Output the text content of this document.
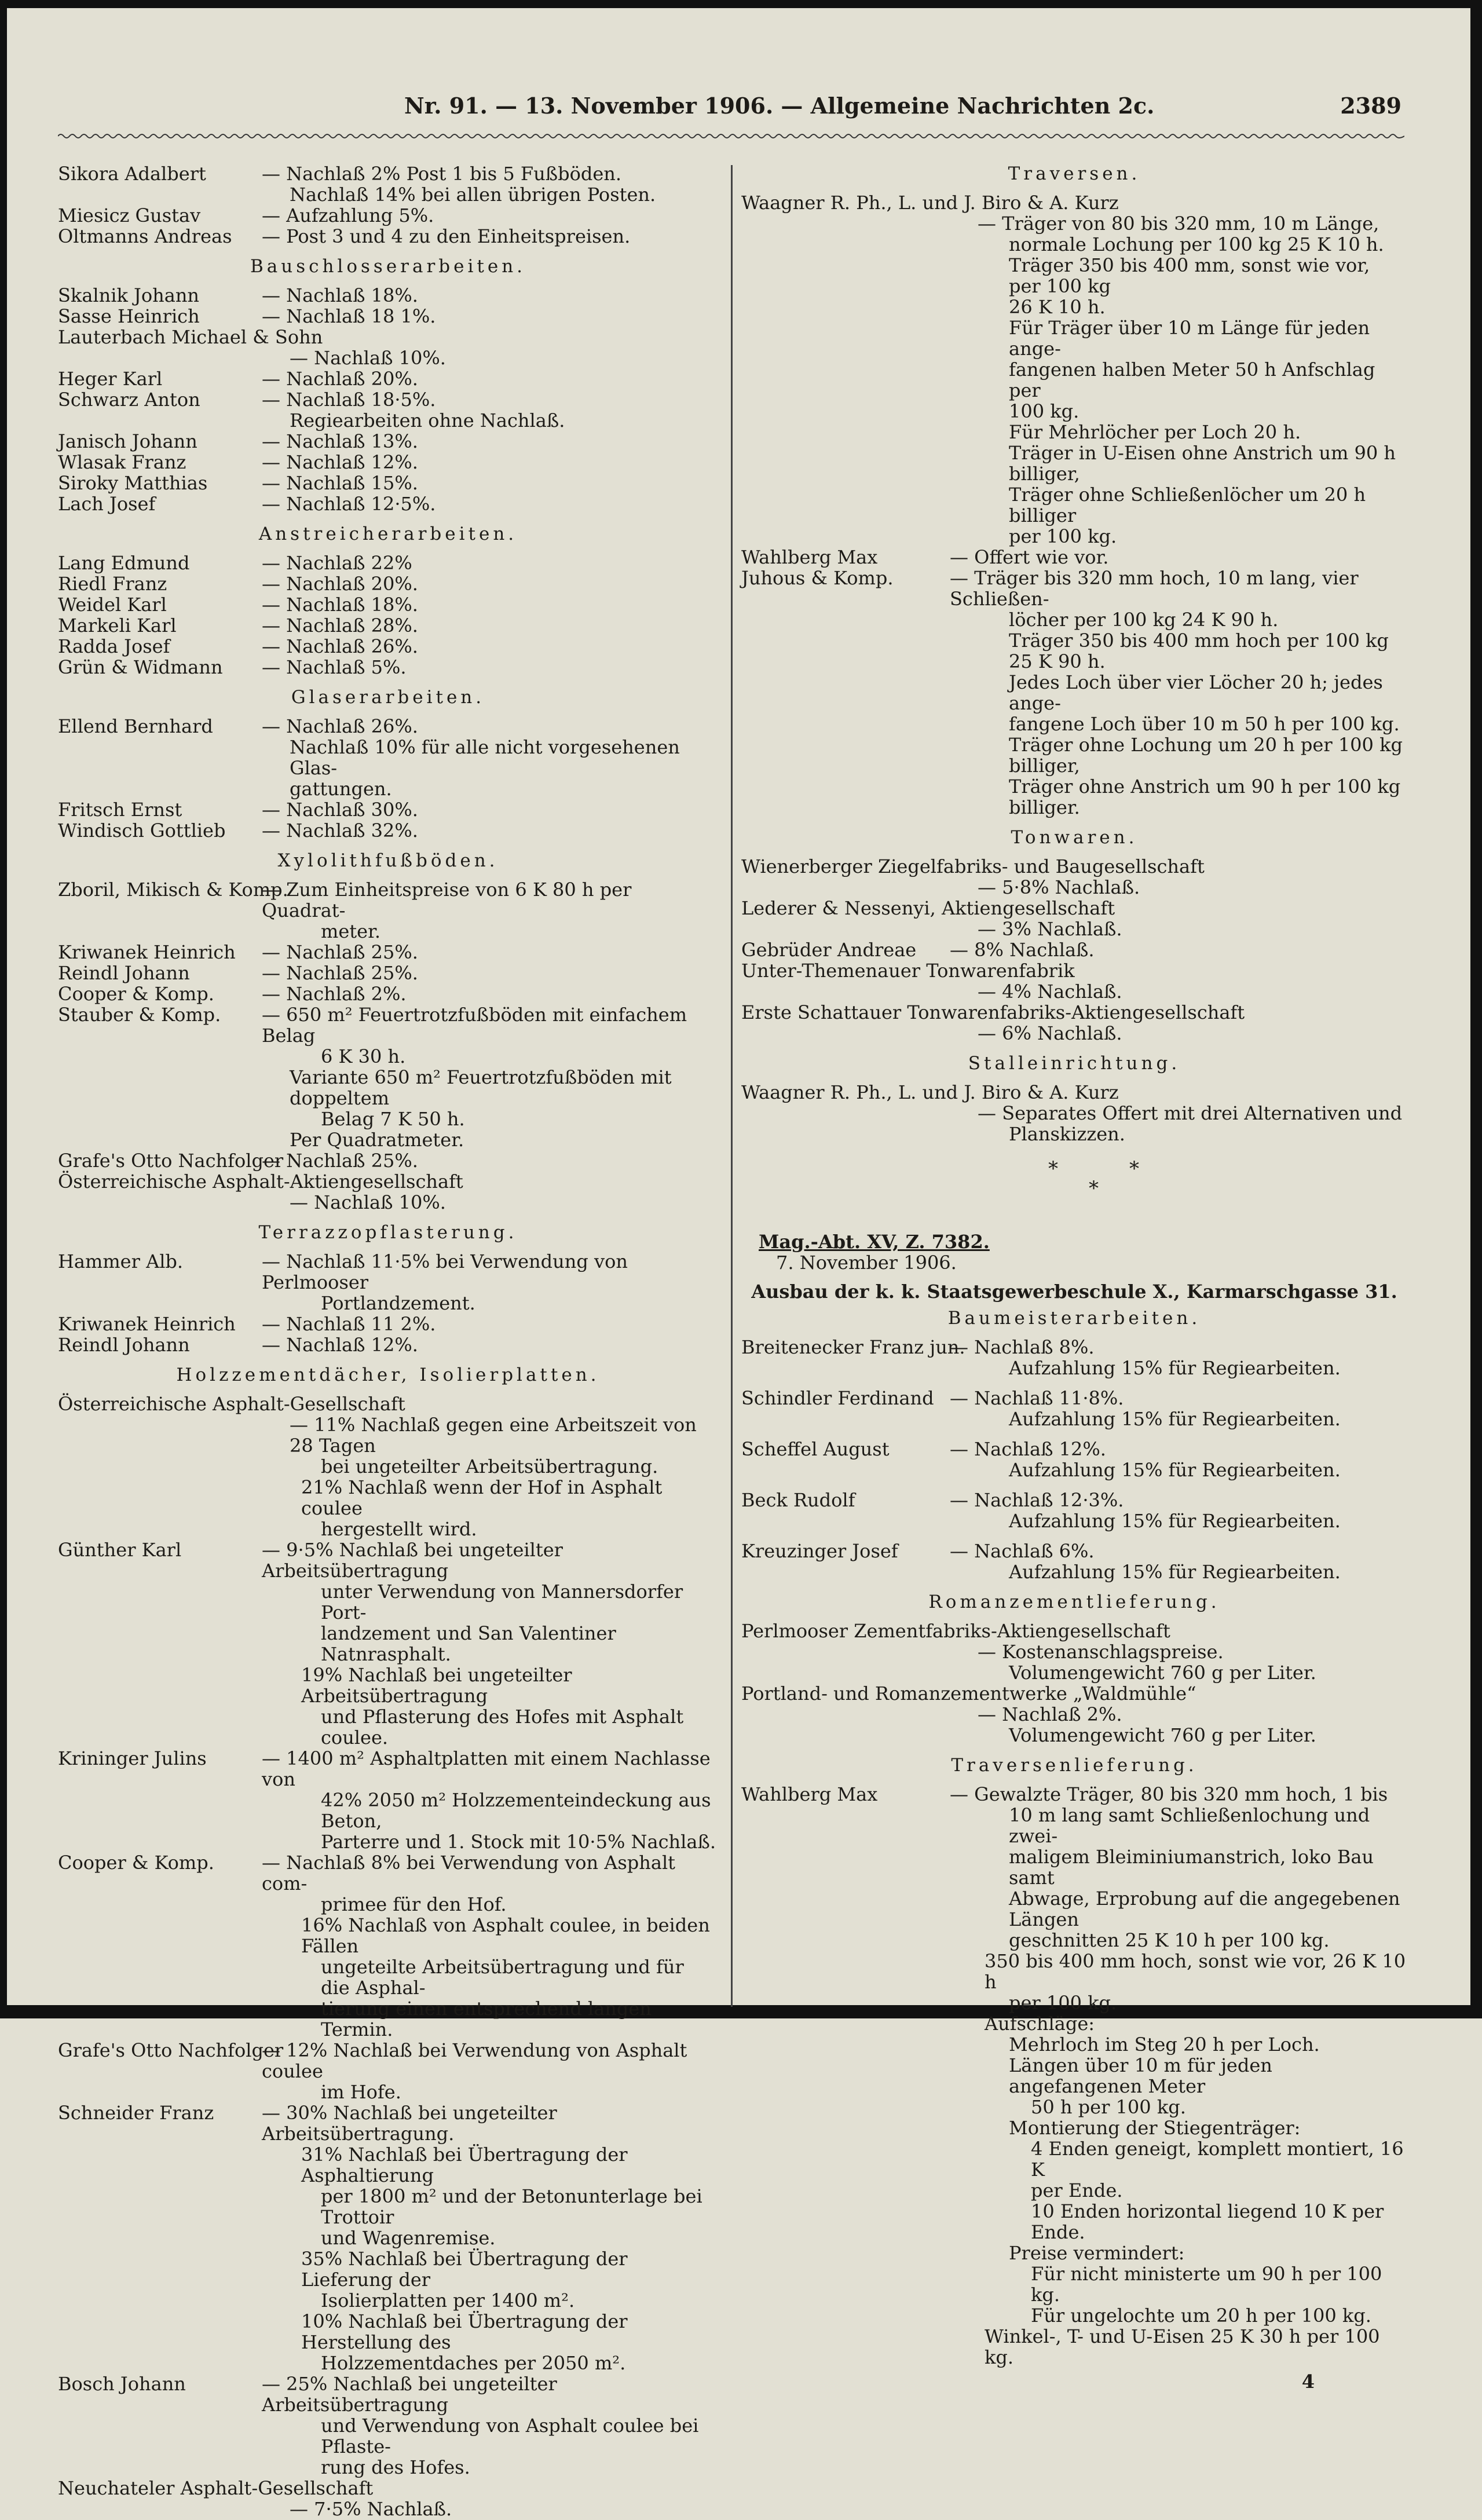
Nr. 91. — 13. November 1906. — Allgemeine Nachrichten 2c.	2389
Sikora Adalbert	— Nachlaß 2% Post 1 bis 5 Fußböden.
Nachlaß 14% bei allen übrigen Posten.
Miesicz Gustav	— Aufzahlung 5%.
Oltmanns Andreas	— Post 3 und 4 zu den Einheitspreisen.
Bauschlosserarbeiten.
Skalnik Johann	— Nachlaß 18%.
Sasse Heinrich	— Nachlaß 18 1%.
Lauterbach Michael & Sohn
— Nachlaß 10%.
Heger Karl	— Nachlaß 20%.
Schwarz Anton	— Nachlaß 18·5%.
Regiearbeiten ohne Nachlaß.
Janisch Johann	— Nachlaß 13%.
Wlasak Franz	— Nachlaß 12%.
Siroky Matthias	— Nachlaß 15%.
Lach Josef	— Nachlaß 12·5%.
Anstreicherarbeiten.
Lang Edmund	— Nachlaß 22%
Riedl Franz	— Nachlaß 20%.
Weidel Karl	— Nachlaß 18%.
Markeli Karl	— Nachlaß 28%.
Radda Josef	— Nachlaß 26%.
Grün & Widmann	— Nachlaß 5%.
Glaserarbeiten.
Ellend Bernhard	— Nachlaß 26%.
Nachlaß 10% für alle nicht vorgesehenen Glas-
gattungen.
Fritsch Ernst	— Nachlaß 30%.
Windisch Gottlieb	— Nachlaß 32%.
Xylolithfußböden.
Zboril, Mikisch & Komp.
— Zum Einheitspreise von 6 K 80 h per Quadrat-
meter.
Kriwanek Heinrich	— Nachlaß 25%.
Reindl Johann	— Nachlaß 25%.
Cooper & Komp.	— Nachlaß 2%.
Stauber & Komp.	— 650 m² Feuertrotzfußböden mit einfachem Belag
6 K 30 h.
Variante 650 m² Feuertrotzfußböden mit doppeltem
Belag 7 K 50 h.
Per Quadratmeter.
Grafe's Otto Nachfolger
— Nachlaß 25%.
Österreichische Asphalt-Aktiengesellschaft
— Nachlaß 10%.
Terrazzopflasterung.
Hammer Alb.	— Nachlaß 11·5% bei Verwendung von Perlmooser
Portlandzement.
Kriwanek Heinrich	— Nachlaß 11 2%.
Reindl Johann	— Nachlaß 12%.
Holzzementdächer, Isolierplatten.
Österreichische Asphalt-Gesellschaft
— 11% Nachlaß gegen eine Arbeitszeit von 28 Tagen
bei ungeteilter Arbeitsübertragung.
21% Nachlaß wenn der Hof in Asphalt coulee
hergestellt wird.
Günther Karl	— 9·5% Nachlaß bei ungeteilter Arbeitsübertragung
unter Verwendung von Mannersdorfer Port-
landzement und San Valentiner Natnrasphalt.
19% Nachlaß bei ungeteilter Arbeitsübertragung
und Pflasterung des Hofes mit Asphalt coulee.
Krininger Julins	— 1400 m² Asphaltplatten mit einem Nachlasse von
42% 2050 m² Holzzementeindeckung aus Beton,
Parterre und 1. Stock mit 10·5% Nachlaß.
Cooper & Komp.	— Nachlaß 8% bei Verwendung von Asphalt com-
primee für den Hof.
16% Nachlaß von Asphalt coulee, in beiden Fällen
ungeteilte Arbeitsübertragung und für die Asphal-
tierung einen entsprechend langen Termin.
Grafe's Otto Nachfolger
— 12% Nachlaß bei Verwendung von Asphalt coulee
im Hofe.
Schneider Franz	— 30% Nachlaß bei ungeteilter Arbeitsübertragung.
31% Nachlaß bei Übertragung der Asphaltierung
per 1800 m² und der Betonunterlage bei Trottoir
und Wagenremise.
35% Nachlaß bei Übertragung der Lieferung der
Isolierplatten per 1400 m².
10% Nachlaß bei Übertragung der Herstellung des
Holzzementdaches per 2050 m².
Bosch Johann	— 25% Nachlaß bei ungeteilter Arbeitsübertragung
und Verwendung von Asphalt coulee bei Pflaste-
rung des Hofes.
Neuchateler Asphalt-Gesellschaft
— 7·5% Nachlaß.
Traversen.
Waagner R. Ph., L. und J. Biro & A. Kurz
— Träger von 80 bis 320 mm, 10 m Länge,
normale Lochung per 100 kg 25 K 10 h.
Träger 350 bis 400 mm, sonst wie vor, per 100 kg
26 K 10 h.
Für Träger über 10 m Länge für jeden ange-
fangenen halben Meter 50 h Anfschlag per
100 kg.
Für Mehrlöcher per Loch 20 h.
Träger in U-Eisen ohne Anstrich um 90 h billiger,
Träger ohne Schließenlöcher um 20 h billiger
per 100 kg.
Wahlberg Max	— Offert wie vor.
Juhous & Komp.	— Träger bis 320 mm hoch, 10 m lang, vier Schließen-
löcher per 100 kg 24 K 90 h.
Träger 350 bis 400 mm hoch per 100 kg
25 K 90 h.
Jedes Loch über vier Löcher 20 h; jedes ange-
fangene Loch über 10 m 50 h per 100 kg.
Träger ohne Lochung um 20 h per 100 kg billiger,
Träger ohne Anstrich um 90 h per 100 kg billiger.
Tonwaren.
Wienerberger Ziegelfabriks- und Baugesellschaft
— 5·8% Nachlaß.
Lederer & Nessenyi, Aktiengesellschaft
— 3% Nachlaß.
Gebrüder Andreae	— 8% Nachlaß.
Unter-Themenauer Tonwarenfabrik
— 4% Nachlaß.
Erste Schattauer Tonwarenfabriks-Aktiengesellschaft
— 6% Nachlaß.
Stalleinrichtung.
Waagner R. Ph., L. und J. Biro & A. Kurz
— Separates Offert mit drei Alternativen und
Planskizzen.
*	*
*
Mag.-Abt. XV, Z. 7382.
7. November 1906.
Ausbau der k. k. Staatsgewerbeschule X., Karmarschgasse 31.
Baumeisterarbeiten.
Breitenecker Franz jun.
— Nachlaß 8%.
Aufzahlung 15% für Regiearbeiten.
Schindler Ferdinand — Nachlaß 11·8%.
Aufzahlung 15% für Regiearbeiten.
Scheffel August	— Nachlaß 12%.
Aufzahlung 15% für Regiearbeiten.
Beck Rudolf	— Nachlaß 12·3%.
Aufzahlung 15% für Regiearbeiten.
Kreuzinger Josef	— Nachlaß 6%.
Aufzahlung 15% für Regiearbeiten.
Romanzementlieferung.
Perlmooser Zementfabriks-Aktiengesellschaft
— Kostenanschlagspreise.
Volumengewicht 760 g per Liter.
Portland- und Romanzementwerke „Waldmühle“
— Nachlaß 2%.
Volumengewicht 760 g per Liter.
Traversenlieferung.
Wahlberg Max	— Gewalzte Träger, 80 bis 320 mm hoch, 1 bis
10 m lang samt Schließenlochung und zwei-
maligem Bleiminiumanstrich, loko Bau samt
Abwage, Erprobung auf die angegebenen Längen
geschnitten 25 K 10 h per 100 kg.
350 bis 400 mm hoch, sonst wie vor, 26 K 10 h
per 100 kg.
Aufschläge:
Mehrloch im Steg 20 h per Loch.
Längen über 10 m für jeden angefangenen Meter
50 h per 100 kg.
Montierung der Stiegenträger:
4 Enden geneigt, komplett montiert, 16 K
per Ende.
10 Enden horizontal liegend 10 K per Ende.
Preise vermindert:
Für nicht ministerte um 90 h per 100 kg.
Für ungelochte um 20 h per 100 kg.
Winkel-, T- und U-Eisen 25 K 30 h per 100 kg.
4
